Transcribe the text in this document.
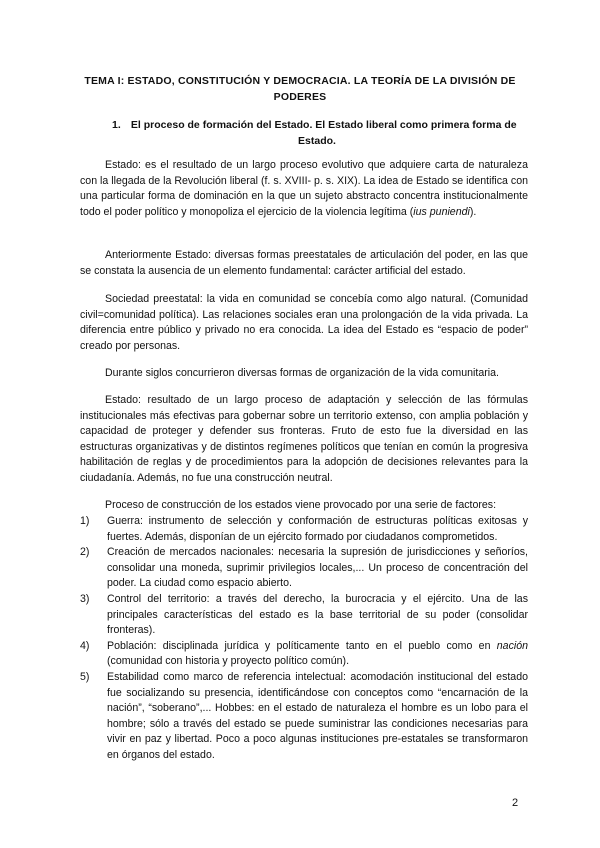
TEMA I: ESTADO, CONSTITUCIÓN Y DEMOCRACIA. LA TEORÍA DE LA DIVISIÓN DE PODERES
1. El proceso de formación del Estado. El Estado liberal como primera forma de
Estado.

Estado: es el resultado de un largo proceso evolutivo que adquiere carta de naturaleza con la llegada de la Revolución liberal (f. s. XVIII- p. s. XIX). La idea de Estado se identifica con una particular forma de dominación en la que un sujeto abstracto concentra institucionalmente todo el poder político y monopoliza el ejercicio de la violencia legítima (ius puniendi).

Anteriormente Estado: diversas formas preestatales de articulación del poder, en las que se constata la ausencia de un elemento fundamental: carácter artificial del estado.

Sociedad preestatal: la vida en comunidad se concebía como algo natural. (Comunidad civil=comunidad política). Las relaciones sociales eran una prolongación de la vida privada. La diferencia entre público y privado no era conocida. La idea del Estado es “espacio de poder” creado por personas.

Durante siglos concurrieron diversas formas de organización de la vida comunitaria.

Estado: resultado de un largo proceso de adaptación y selección de las fórmulas institucionales más efectivas para gobernar sobre un territorio extenso, con amplia población y capacidad de proteger y defender sus fronteras. Fruto de esto fue la diversidad en las estructuras organizativas y de distintos regímenes políticos que tenían en común la progresiva habilitación de reglas y de procedimientos para la adopción de decisiones relevantes para la ciudadanía. Además, no fue una construcción neutral.

Proceso de construcción de los estados viene provocado por una serie de factores:

1) Guerra: instrumento de selección y conformación de estructuras políticas exitosas y fuertes. Además, disponían de un ejército formado por ciudadanos comprometidos.
2) Creación de mercados nacionales: necesaria la supresión de jurisdicciones y señoríos, consolidar una moneda, suprimir privilegios locales,... Un proceso de concentración del poder. La ciudad como espacio abierto.
3) Control del territorio: a través del derecho, la burocracia y el ejército. Una de las principales características del estado es la base territorial de su poder (consolidar fronteras).
4) Población: disciplinada jurídica y políticamente tanto en el pueblo como en nación (comunidad con historia y proyecto político común).
5) Estabilidad como marco de referencia intelectual: acomodación institucional del estado fue socializando su presencia, identificándose con conceptos como “encarnación de la nación”, “soberano”,... Hobbes: en el estado de naturaleza el hombre es un lobo para el hombre; sólo a través del estado se puede suministrar las condiciones necesarias para vivir en paz y libertad. Poco a poco algunas instituciones pre-estatales se transformaron en órganos del estado.
2
